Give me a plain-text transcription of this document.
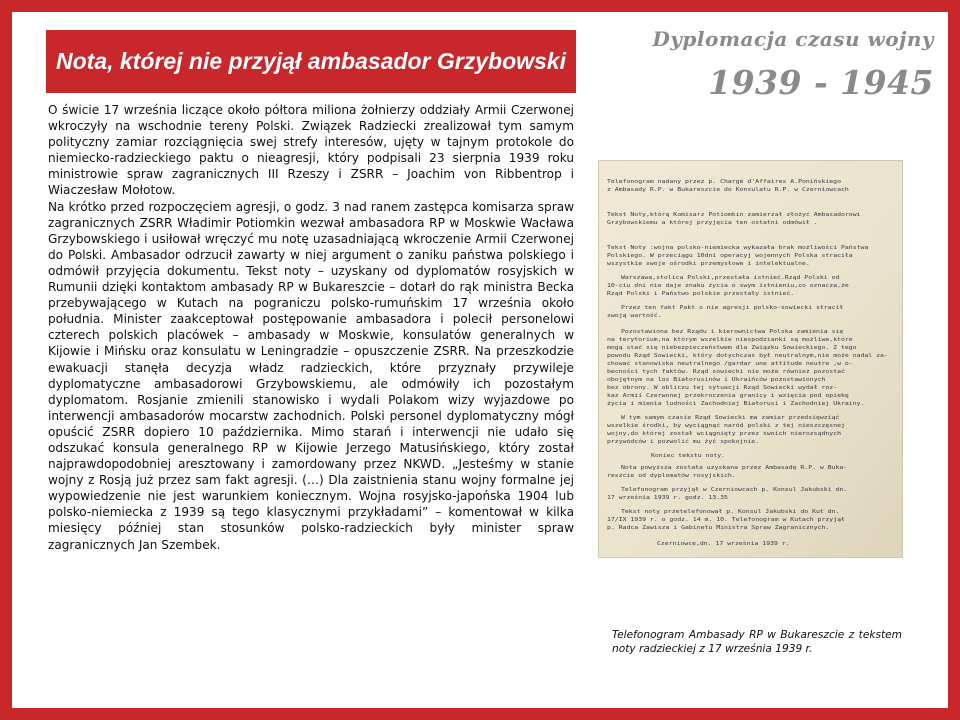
Nota, której nie przyjął ambasador Grzybowski
Dyplomacja czasu wojny
1939 - 1945

O świcie 17 września liczące około półtora miliona żołnierzy oddziały Armii Czerwonej wkroczyły na wschodnie tereny Polski. Związek Radziecki zrealizował tym samym polityczny zamiar rozciągnięcia swej strefy interesów, ujęty w tajnym protokole do niemiecko-radzieckiego paktu o nieagresji, który podpisali 23 sierpnia 1939 roku ministrowie spraw zagranicznych III Rzeszy i ZSRR – Joachim von Ribbentrop i Wiaczesław Mołotow.

Na krótko przed rozpoczęciem agresji, o godz. 3 nad ranem zastępca komisarza spraw zagranicznych ZSRR Władimir Potiomkin wezwał ambasadora RP w Moskwie Wacława Grzybowskiego i usiłował wręczyć mu notę uzasadniającą wkroczenie Armii Czerwonej do Polski. Ambasador odrzucił zawarty w niej argument o zaniku państwa polskiego i odmówił przyjęcia dokumentu. Tekst noty – uzyskany od dyplomatów rosyjskich w Rumunii dzięki kontaktom ambasady RP w Bukareszcie – dotarł do rąk ministra Becka przebywającego w Kutach na pograniczu polsko-rumuńskim 17 września około południa. Minister zaakceptował postępowanie ambasadora i polecił personelowi czterech polskich placówek – ambasady w Moskwie, konsulatów generalnych w Kijowie i Mińsku oraz konsulatu w Leningradzie – opuszczenie ZSRR. Na przeszkodzie ewakuacji stanęła decyzja władz radzieckich, które przyznały przywileje dyplomatyczne ambasadorowi Grzybowskiemu, ale odmówiły ich pozostałym dyplomatom. Rosjanie zmienili stanowisko i wydali Polakom wizy wyjazdowe po interwencji ambasadorów mocarstw zachodnich. Polski personel dyplomatyczny mógł opuścić ZSRR dopiero 10 października. Mimo starań i interwencji nie udało się odszukać konsula generalnego RP w Kijowie Jerzego Matusińskiego, który został najprawdopodobniej aresztowany i zamordowany przez NKWD. „Jesteśmy w stanie wojny z Rosją już przez sam fakt agresji. (…) Dla zaistnienia stanu wojny formalne jej wypowiedzenie nie jest warunkiem koniecznym. Wojna rosyjsko-japońska 1904 lub polsko-niemiecka z 1939 są tego klasycznymi przykładami” – komentował w kilka miesięcy później stan stosunków polsko-radzieckich były minister spraw zagranicznych Jan Szembek.

Telefonogram nadany przez p. Chargé d'Affaires A.Ponińskiego
z Ambasady R.P. w Bukareszcie do Konsulatu R.P. w Czerniowcach
Tekst Noty,którą Komisarz Potiomkin zamierzał złożyć Ambasadorowi
Grzybowskiemu a której przyjęcia ten ostatni odmówił .
Tekst Noty :wojna polsko-niemiecka wykazała brak możliwości Państwa
Polskiego. W przeciągu 10dni operacyj wojennych Polska straciła
wszystkie swoje ośrodki przemysłowe i intelektualne.
Warszawa,stolica Polski,przestała istnieć.Rząd Polski od
10-ciu dni nie daje znaku życia o swym istnieniu,co oznacza,że
Rząd Polski i Państwo polskie przestały istnieć.
Przez ten fakt Pakt o nie agresji polsko-sowiecki stracił
swoją wartość.
Pozostawiona bez Rządu i kierownictwa Polska zamienia się
na terytorium,na którym wszelkie niespodzianki są możliwe,które
mogą stać się niebezpieczeństwem dla Związku Sowieckiego. Z tego
powodu Rząd Sowiecki, który dotychczas był neutralnym,nie może nadal za-
chować stanowiska neutralnego /gardar une attitude neutre ,w o-
becności tych faktów. Rząd sowiecki nie może również pozostać
obojętnym na los Białorusinów i Ukraińców pozostawionych
bez obrony. W obliczu tej sytuacji Rząd Sowiecki wydał roz-
kaz Armii Czerwonej przekroczenia granicy i wzięcia pod opiekę
życia i mienia ludności Zachodniej Białorusi i Zachodniej Ukrainy.
W tym samym czasie Rząd Sowiecki ma zamiar przedsięwziąć
wszelkie środki, by wyciągnąć naród polski z tej nieszczęsnej
wojny,do której został wciągnięty przez swoich nierozsądnych
przywódców i pozwolić mu żyć spokojnie.
Koniec tekstu noty.
Nota powyższa została uzyskana przez Ambasadę R.P. w Buka-
reszcie od dyplomatów rosyjskich.
Telefonogram przyjął w Czerniowcach p. Konsul Jakubski dn.
17 września 1939 r. godz. 13.35
Tekst noty przetelefonował p. Konsul Jakubski do Kut dn.
17/IX 1939 r. o godz. 14 m. 10. Telefonogram w Kutach przyjął
p. Radca Zawisza i Gabinetu Ministra Spraw Zagranicznych.
Czerniowce,dn. 17 września 1939 r.
Telefonogram Ambasady RP w Bukareszcie z tekstem noty radzieckiej z 17 września 1939 r.
